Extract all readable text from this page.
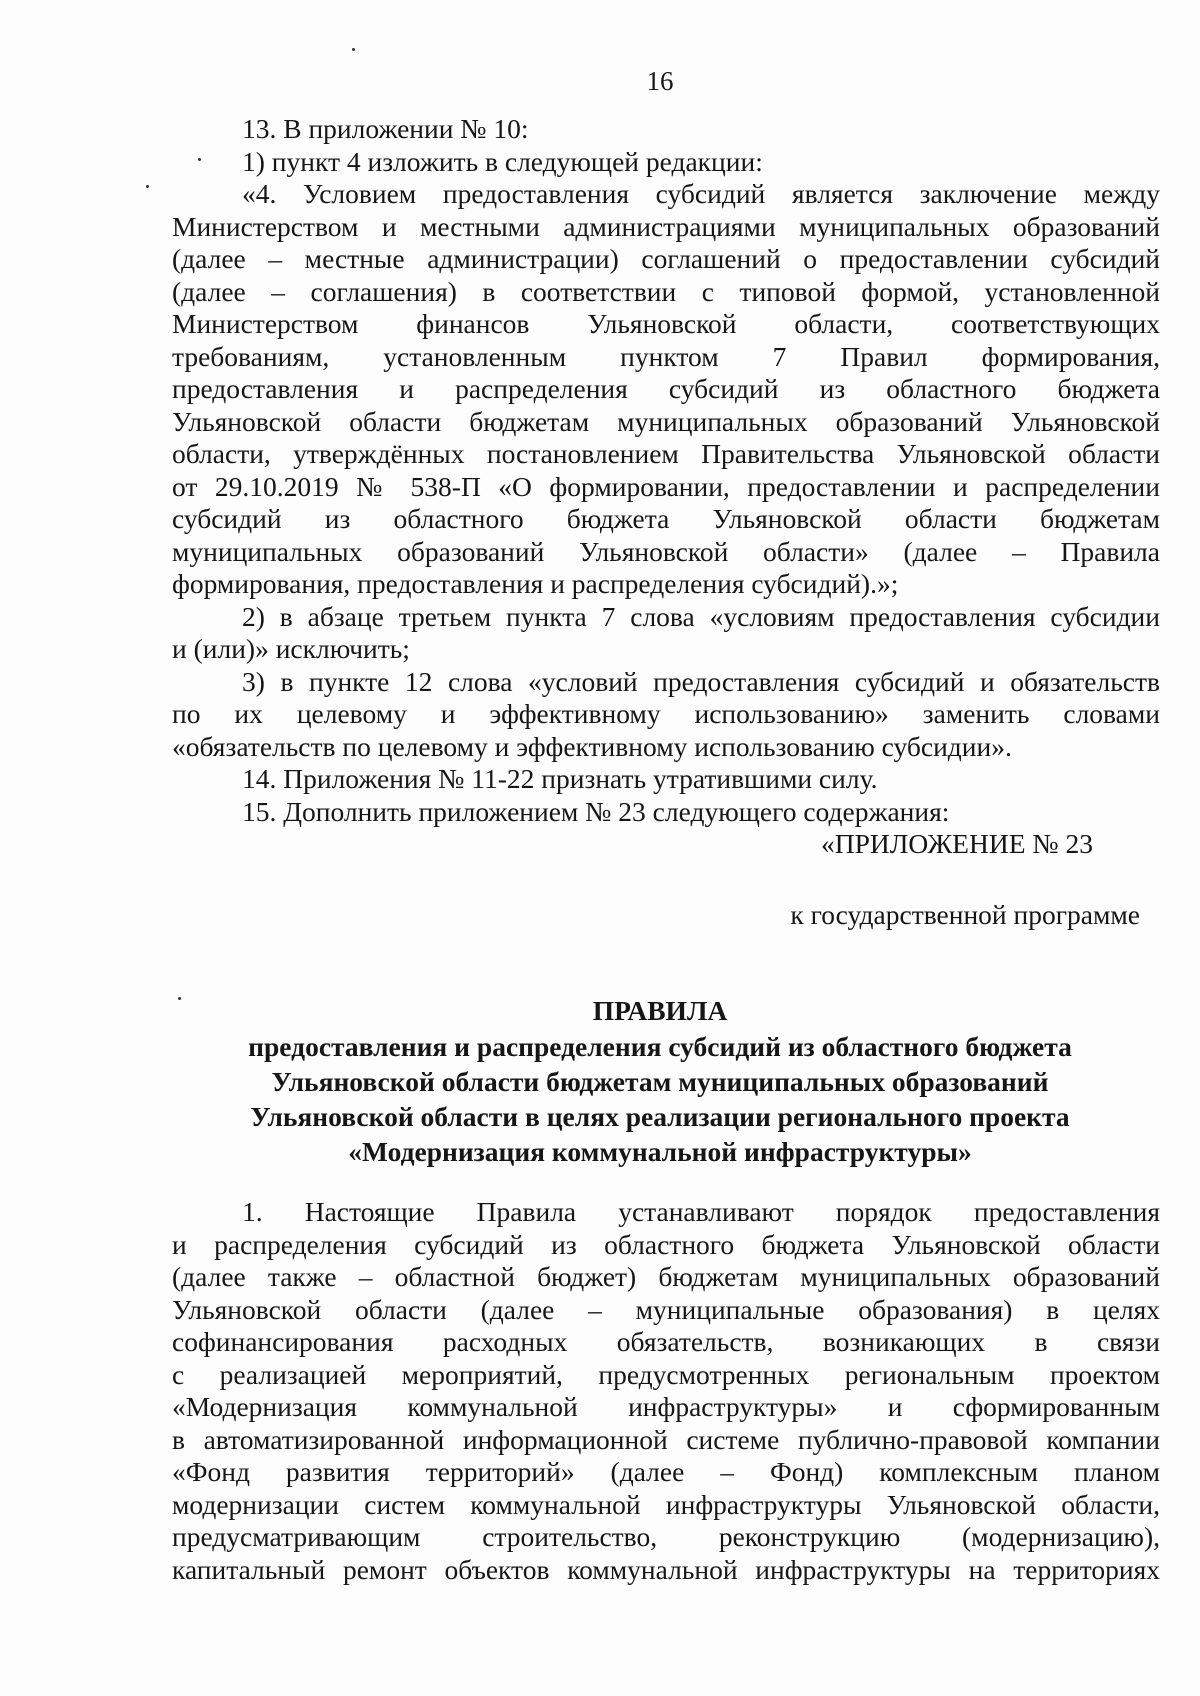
16

13. В приложении № 10:

1) пункт 4 изложить в следующей редакции:

«4. Условием предоставления субсидий является заключение между

Министерством и местными администрациями муниципальных образований

(далее – местные администрации) соглашений о предоставлении субсидий

(далее – соглашения) в соответствии с типовой формой, установленной

Министерством финансов Ульяновской области, соответствующих

требованиям, установленным пунктом 7 Правил формирования,

предоставления и распределения субсидий из областного бюджета

Ульяновской области бюджетам муниципальных образований Ульяновской

области, утверждённых постановлением Правительства Ульяновской области

от 29.10.2019 № 538-П «О формировании, предоставлении и распределении

субсидий из областного бюджета Ульяновской области бюджетам

муниципальных образований Ульяновской области» (далее – Правила

формирования, предоставления и распределения субсидий).»;

2) в абзаце третьем пункта 7 слова «условиям предоставления субсидии

и (или)» исключить;

3) в пункте 12 слова «условий предоставления субсидий и обязательств

по их целевому и эффективному использованию» заменить словами

«обязательств по целевому и эффективному использованию субсидии».

14. Приложения № 11-22 признать утратившими силу.

15. Дополнить приложением № 23 следующего содержания:

«ПРИЛОЖЕНИЕ № 23

к государственной программе

ПРАВИЛА

предоставления и распределения субсидий из областного бюджета

Ульяновской области бюджетам муниципальных образований

Ульяновской области в целях реализации регионального проекта

«Модернизация коммунальной инфраструктуры»

1. Настоящие Правила устанавливают порядок предоставления

и распределения субсидий из областного бюджета Ульяновской области

(далее также – областной бюджет) бюджетам муниципальных образований

Ульяновской области (далее – муниципальные образования) в целях

софинансирования расходных обязательств, возникающих в связи

с реализацией мероприятий, предусмотренных региональным проектом

«Модернизация коммунальной инфраструктуры» и сформированным

в автоматизированной информационной системе публично-правовой компании

«Фонд развития территорий» (далее – Фонд) комплексным планом

модернизации систем коммунальной инфраструктуры Ульяновской области,

предусматривающим строительство, реконструкцию (модернизацию),

капитальный ремонт объектов коммунальной инфраструктуры на территориях
